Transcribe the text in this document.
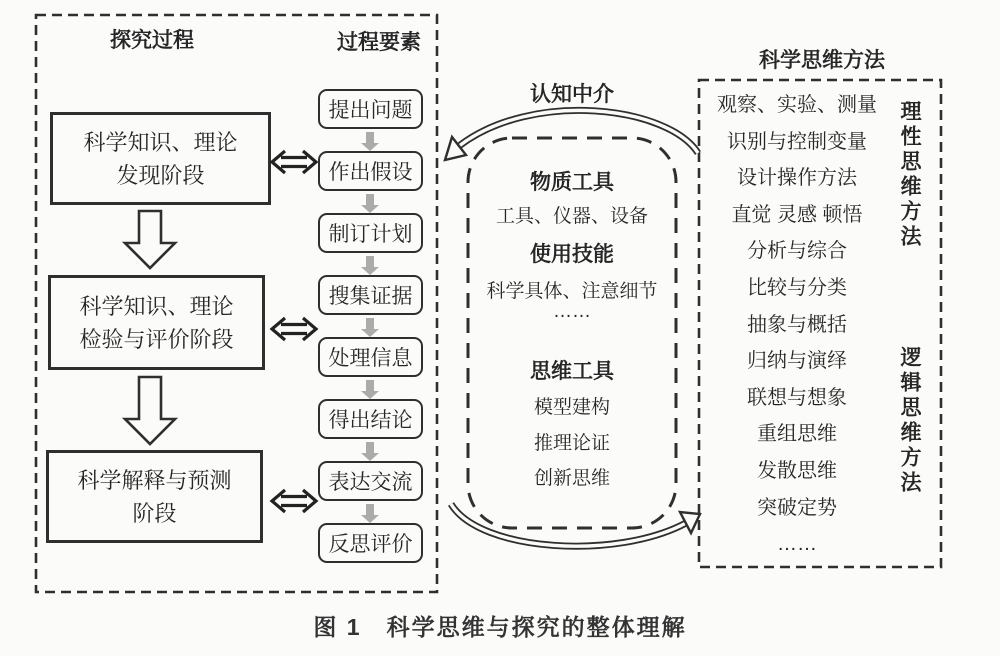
探究过程	过程要素
科学知识、理论
发现阶段
科学知识、理论
检验与评价阶段
科学解释与预测
阶段
提出问题
作出假设
制订计划
搜集证据
处理信息
得出结论
表达交流
反思评价
认知中介
物质工具
工具、仪器、设备
使用技能
科学具体、注意细节
……
思维工具
模型建构
推理论证
创新思维
科学思维方法
观察、实验、测量
识别与控制变量
设计操作方法
直觉 灵感 顿悟
分析与综合
比较与分类
抽象与概括
归纳与演绎
联想与想象
重组思维
发散思维
突破定势
……
理性思维方法
逻辑思维方法
图 1　科学思维与探究的整体理解
